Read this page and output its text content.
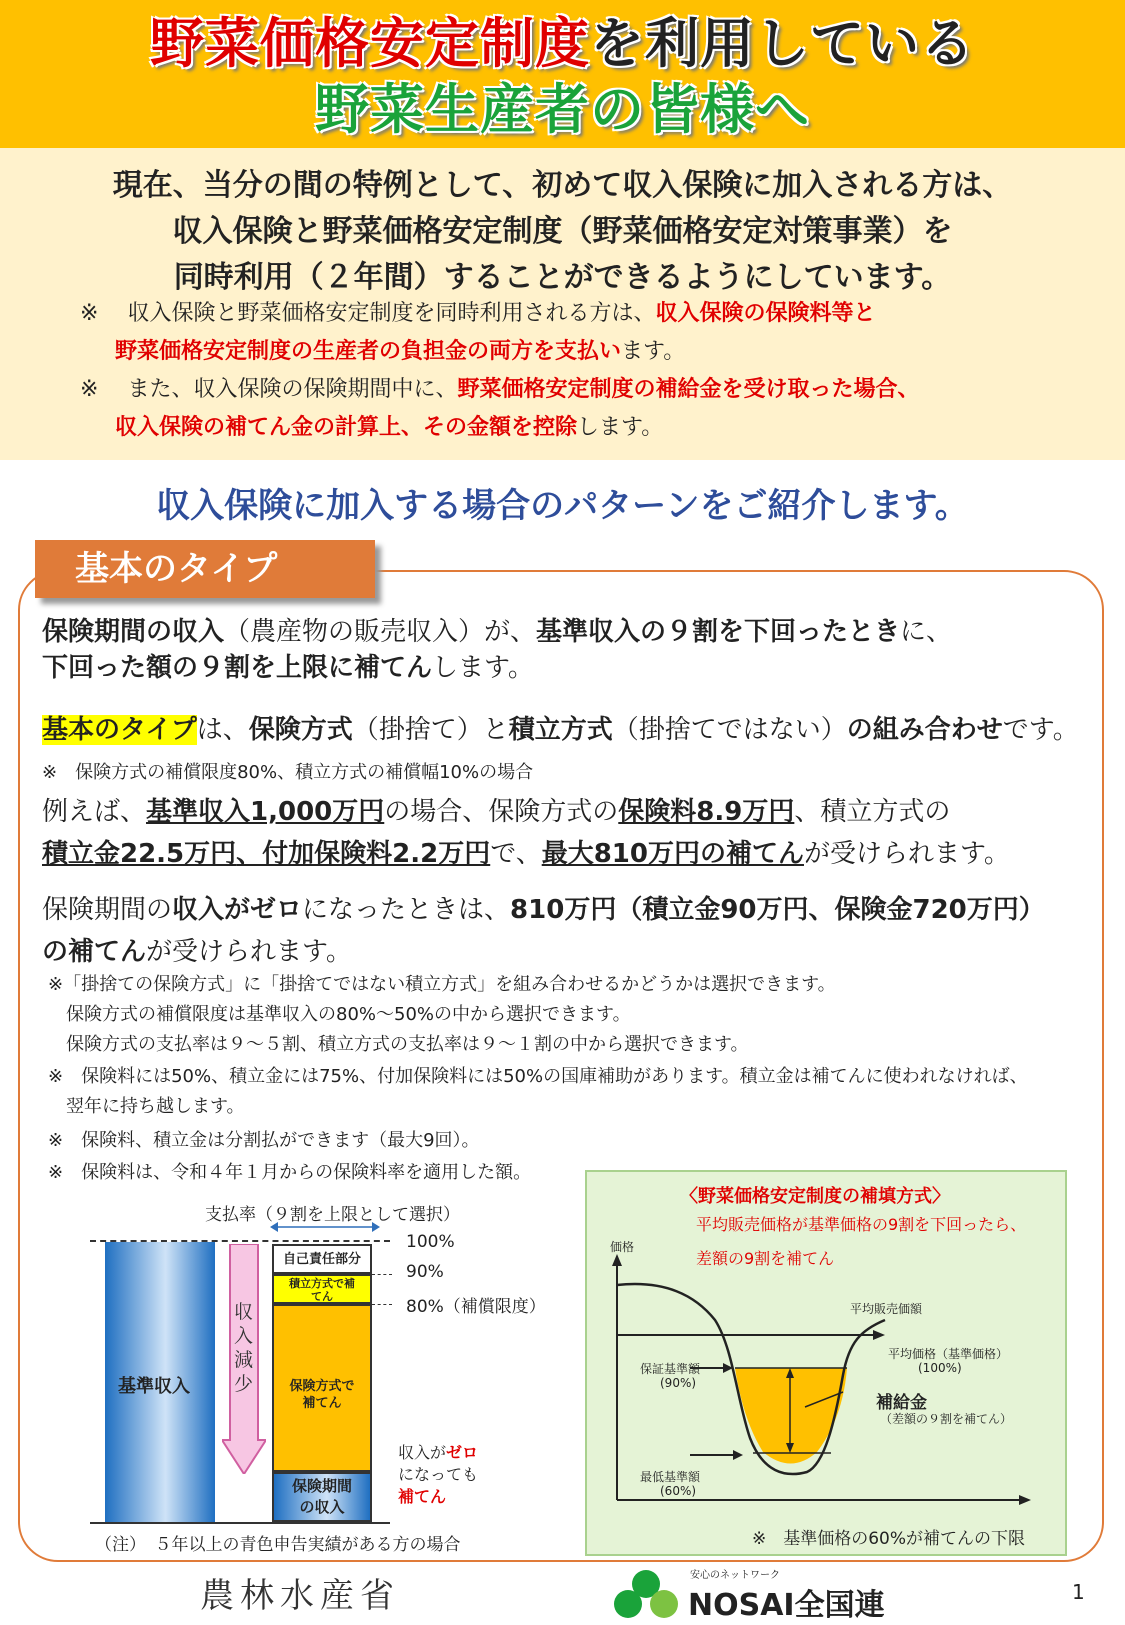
野菜価格安定制度を利用している
野菜生産者の皆様へ
現在、当分の間の特例として、初めて収入保険に加入される方は、
収入保険と野菜価格安定制度（野菜価格安定対策事業）を
同時利用（２年間）することができるようにしています。
※　 収入保険と野菜価格安定制度を同時利用される方は、収入保険の保険料等と
野菜価格安定制度の生産者の負担金の両方を支払います。
※　 また、収入保険の保険期間中に、野菜価格安定制度の補給金を受け取った場合、
収入保険の補てん金の計算上、その金額を控除します。
収入保険に加入する場合のパターンをご紹介します。
基本のタイプ
保険期間の収入（農産物の販売収入）が、基準収入の９割を下回ったときに、
下回った額の９割を上限に補てんします。
基本のタイプは、保険方式（掛捨て）と積立方式（掛捨てではない）の組み合わせです。
※　保険方式の補償限度80%、積立方式の補償幅10%の場合
例えば、基準収入1,000万円の場合、保険方式の保険料8.9万円、積立方式の
積立金22.5万円、付加保険料2.2万円で、最大810万円の補てんが受けられます。
保険期間の収入がゼロになったときは、810万円（積立金90万円、保険金720万円）
の補てんが受けられます。
※「掛捨ての保険方式」に「掛捨てではない積立方式」を組み合わせるかどうかは選択できます。
　保険方式の補償限度は基準収入の80%～50%の中から選択できます。
　保険方式の支払率は９～５割、積立方式の支払率は９～１割の中から選択できます。
※　保険料には50%、積立金には75%、付加保険料には50%の国庫補助があります。積立金は補てんに使われなければ、
　翌年に持ち越します。
※　保険料、積立金は分割払ができます（最大9回）。
※　保険料は、令和４年１月からの保険料率を適用した額。
支払率（９割を上限として選択）
基準収入
収入減少
自己責任部分
積立方式で補てん
保険方式で補てん
保険期間の収入
100%
90%
80%（補償限度）
収入がゼロ
になっても
補てん
（注）　５年以上の青色申告実績がある方の場合
〈野菜価格安定制度の補填方式〉
平均販売価格が基準価格の9割を下回ったら、
差額の9割を補てん
価格
平均販売価額
平均価格（基準価格）
(100%)
保証基準額
(90%)
最低基準額
(60%)
補給金
（差額の９割を補てん）
※　基準価格の60%が補てんの下限
農林水産省
安心のネットワーク
NOSAI全国連	1
